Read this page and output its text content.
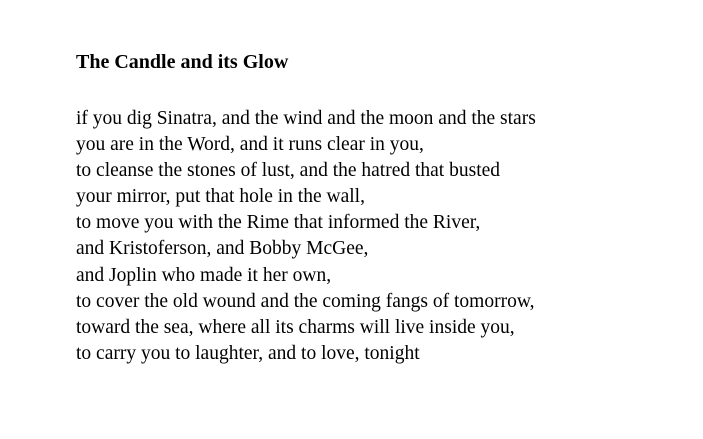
The Candle and its Glow
if you dig Sinatra, and the wind and the moon and the stars
you are in the Word, and it runs clear in you,
to cleanse the stones of lust, and the hatred that busted
your mirror, put that hole in the wall,
to move you with the Rime that informed the River,
and Kristoferson, and Bobby McGee,
and Joplin who made it her own,
to cover the old wound and the coming fangs of tomorrow,
toward the sea, where all its charms will live inside you,
to carry you to laughter, and to love, tonight
